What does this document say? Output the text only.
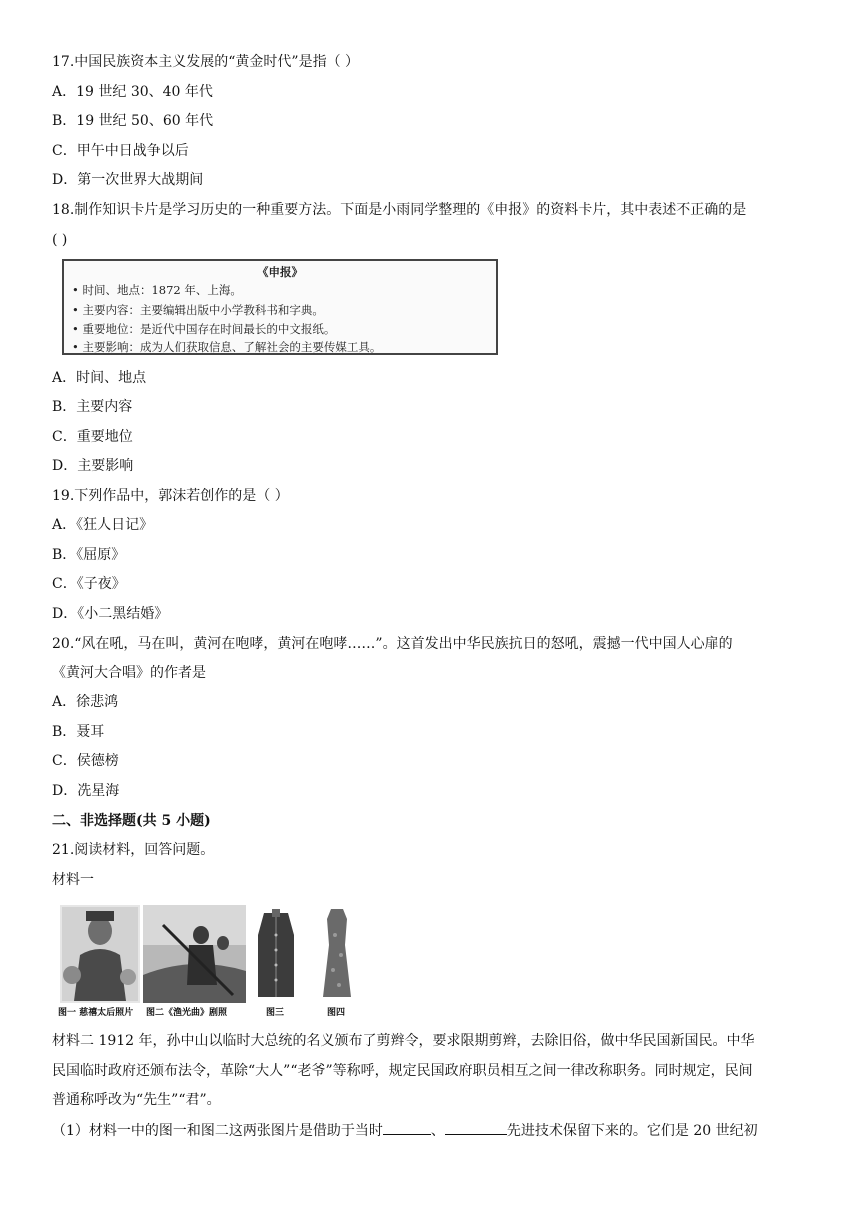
17.中国民族资本主义发展的“黄金时代”是指（ ）
A．19 世纪 30、40 年代
B．19 世纪 50、60 年代
C．甲午中日战争以后
D．第一次世界大战期间
18.制作知识卡片是学习历史的一种重要方法。下面是小雨同学整理的《申报》的资料卡片，其中表述不正确的是
( )
《申报》
• 时间、地点：1872 年、上海。
• 主要内容：主要编辑出版中小学教科书和字典。
• 重要地位：是近代中国存在时间最长的中文报纸。
• 主要影响：成为人们获取信息、了解社会的主要传媒工具。
A．时间、地点
B．主要内容
C．重要地位
D．主要影响
19.下列作品中，郭沫若创作的是（ ）
A．《狂人日记》
B．《屈原》
C．《子夜》
D．《小二黑结婚》
20.“风在吼，马在叫，黄河在咆哮，黄河在咆哮……”。这首发出中华民族抗日的怒吼，震撼一代中国人心扉的
《黄河大合唱》的作者是
A．徐悲鸿
B．聂耳
C．侯德榜
D．冼星海
二、非选择题(共 5 小题)
21.阅读材料，回答问题。
材料一
图一 慈禧太后照片 图二《渔光曲》剧照	图三	图四
材料二 1912 年，孙中山以临时大总统的名义颁布了剪辫令，要求限期剪辫，去除旧俗，做中华民国新国民。中华
民国临时政府还颁布法令，革除“大人”“老爷”等称呼，规定民国政府职员相互之间一律改称职务。同时规定，民间
普通称呼改为“先生”“君”。
（1）材料一中的图一和图二这两张图片是借助于当时	、	先进技术保留下来的。它们是 20 世纪初
